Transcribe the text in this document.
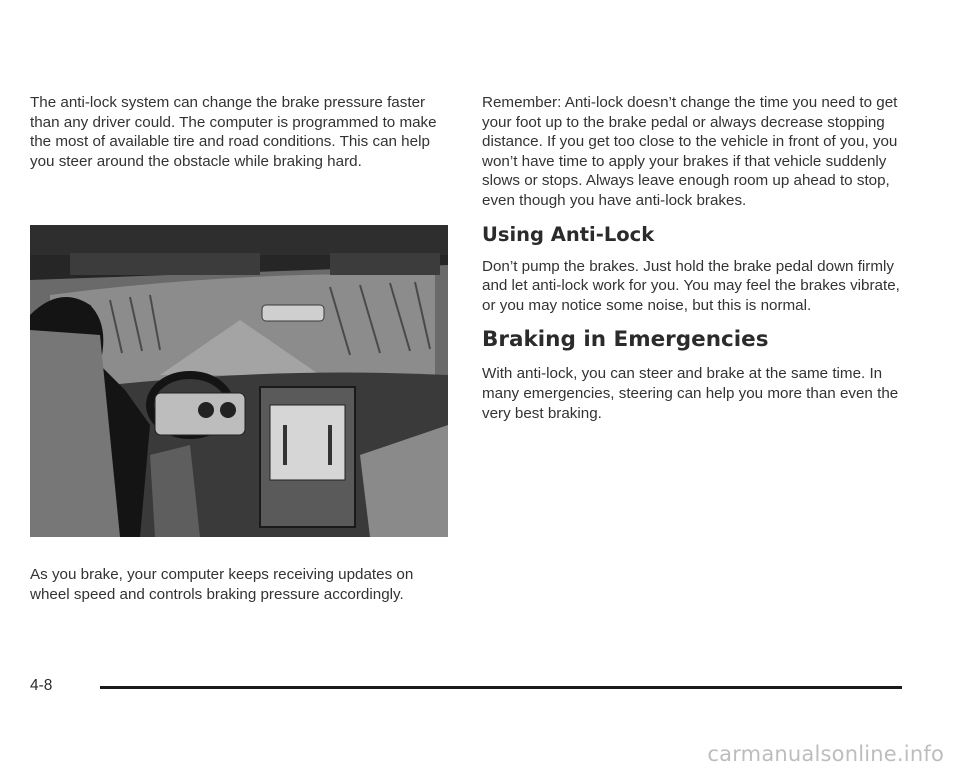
The anti-lock system can change the brake pressure faster than any driver could. The computer is programmed to make the most of available tire and road conditions. This can help you steer around the obstacle while braking hard.

As you brake, your computer keeps receiving updates on wheel speed and controls braking pressure accordingly.

Remember: Anti-lock doesn’t change the time you need to get your foot up to the brake pedal or always decrease stopping distance. If you get too close to the vehicle in front of you, you won’t have time to apply your brakes if that vehicle suddenly slows or stops. Always leave enough room up ahead to stop, even though you have anti-lock brakes.

Using Anti-Lock

Don’t pump the brakes. Just hold the brake pedal down firmly and let anti-lock work for you. You may feel the brakes vibrate, or you may notice some noise, but this is normal.

Braking in Emergencies

With anti-lock, you can steer and brake at the same time. In many emergencies, steering can help you more than even the very best braking.

4-8
carmanualsonline.info
